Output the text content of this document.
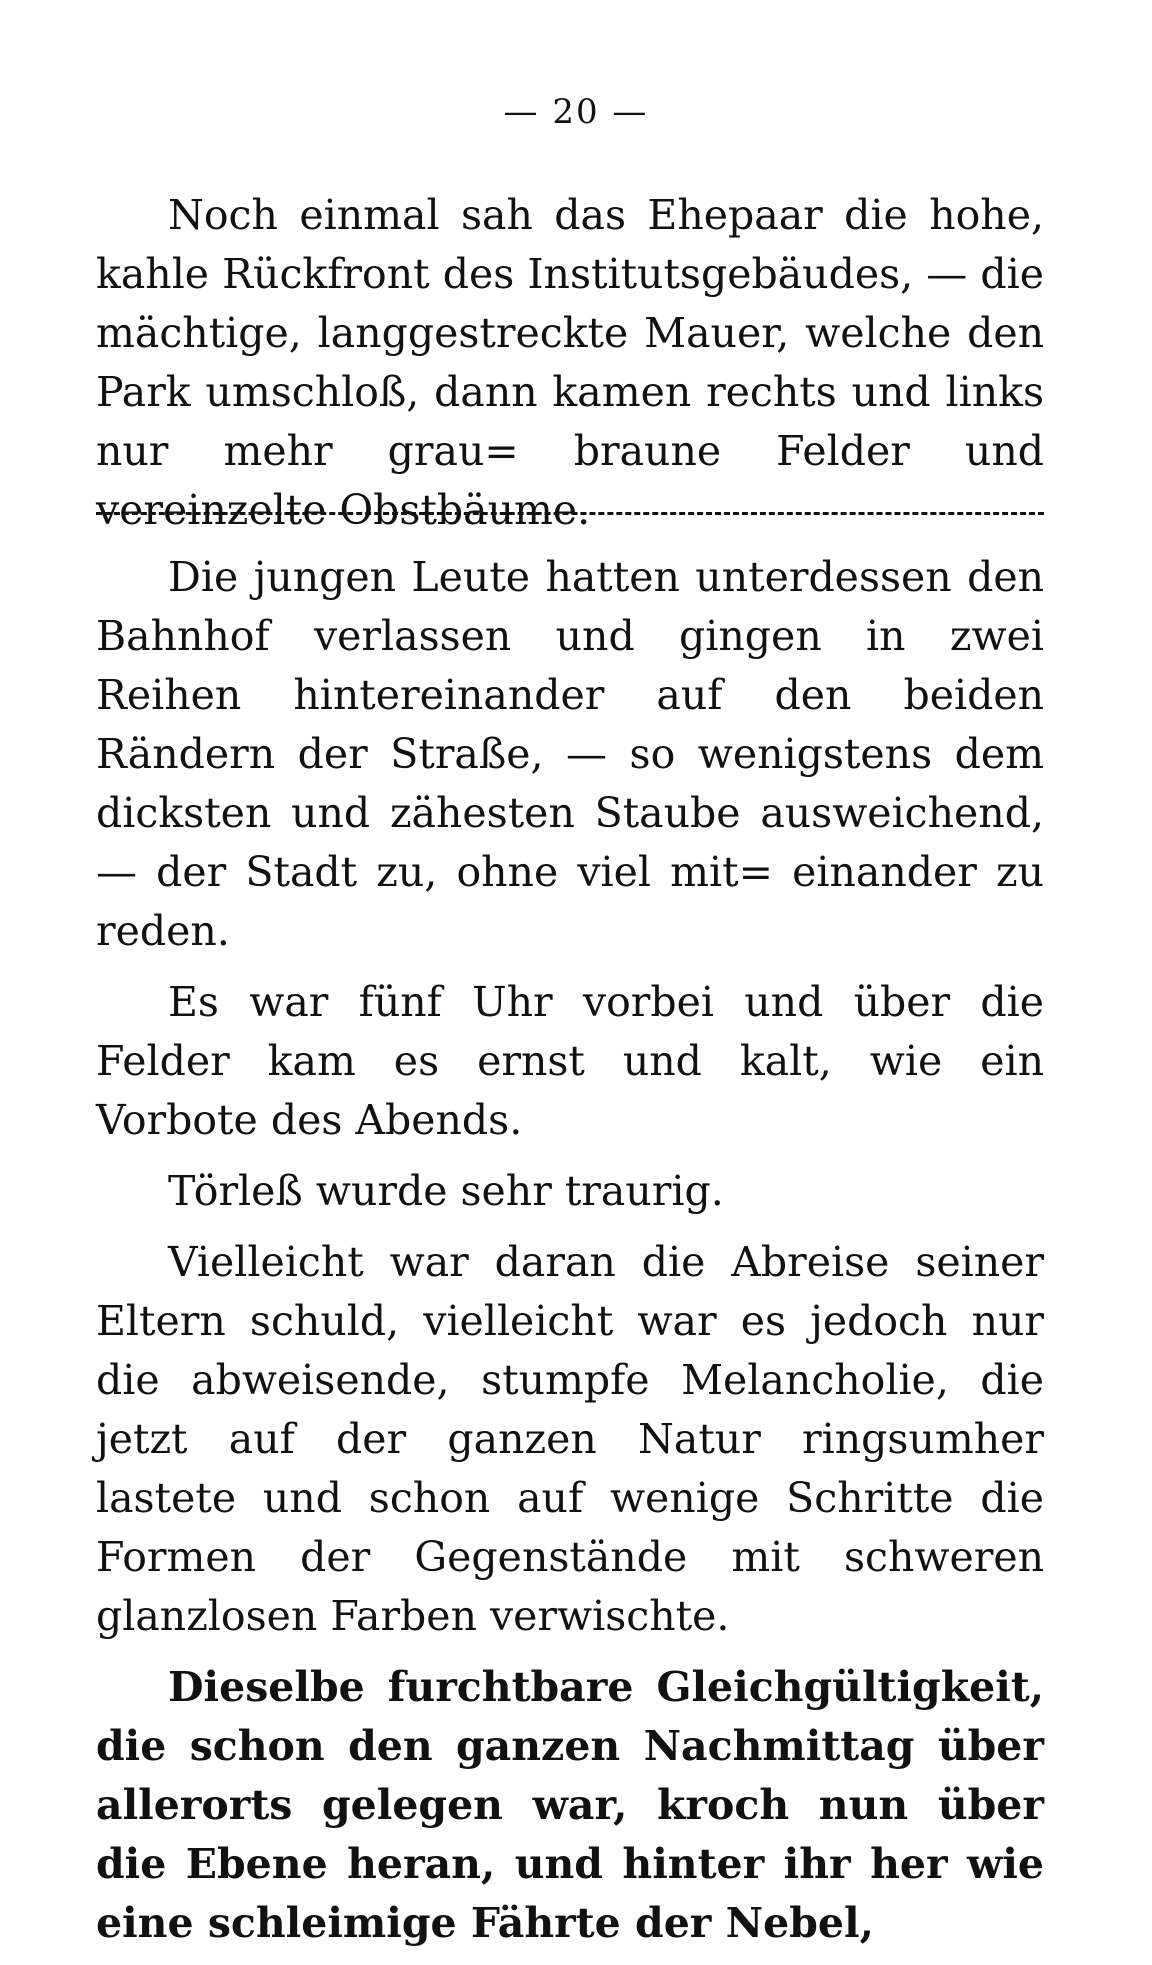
— 20 —

Noch einmal sah das Ehepaar die hohe, kahle Rückfront des Institutsgebäudes, — die mächtige, langgestreckte Mauer, welche den Park umschloß, dann kamen rechts und links nur mehr grau= braune Felder und vereinzelte Obstbäume.

Die jungen Leute hatten unterdessen den Bahnhof verlassen und gingen in zwei Reihen hintereinander auf den beiden Rändern der Straße, — so wenigstens dem dicksten und zähesten Staube ausweichend, — der Stadt zu, ohne viel mit= einander zu reden.

Es war fünf Uhr vorbei und über die Felder kam es ernst und kalt, wie ein Vorbote des Abends.

Törleß wurde sehr traurig.

Vielleicht war daran die Abreise seiner Eltern schuld, vielleicht war es jedoch nur die abweisende, stumpfe Melancholie, die jetzt auf der ganzen Natur ringsumher lastete und schon auf wenige Schritte die Formen der Gegenstände mit schweren glanzlosen Farben verwischte.

Dieselbe furchtbare Gleichgültigkeit, die schon den ganzen Nachmittag über allerorts gelegen war, kroch nun über die Ebene heran, und hinter ihr her wie eine schleimige Fährte der Nebel,
